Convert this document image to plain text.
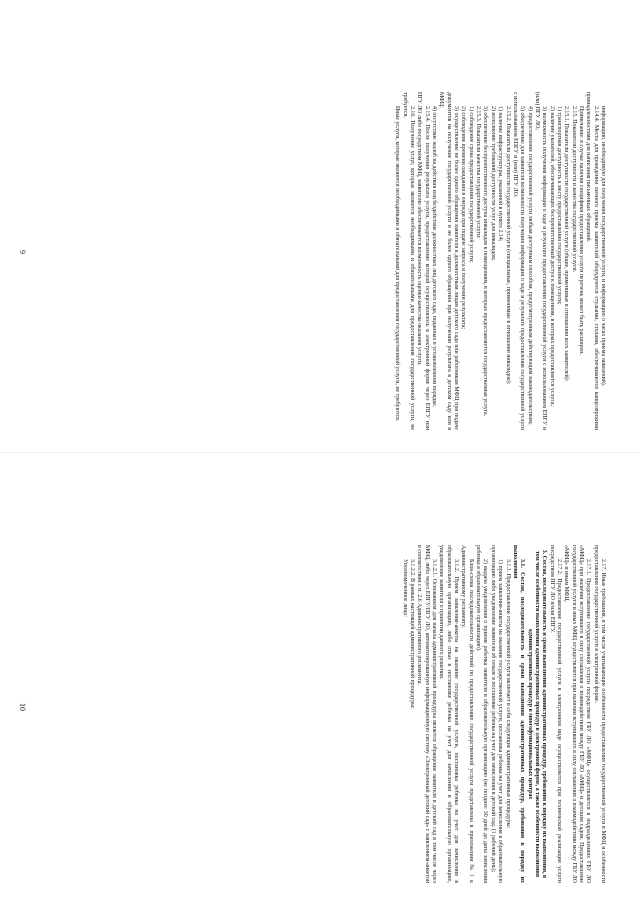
информацию, необходимую для получения государственной услуги, и информацию о часах приема заявлений).

2.14.4. Места для проведения личного приема заявителей оборудуются стульями, столами, обеспечиваются канцелярскими принадлежностями для написания письменных обращений.

Примечание: в случае наличия специфики предоставления услуги перечень может быть расширен.

2.15. Показатели доступности и качества государственной услуги.

2.15.1. Показатели доступности государственной услуги (общие, применимые в отношении всех заявителей):

1) транспортная доступность к месту предоставления государственной услуги;

2) наличие указателей, обеспечивающих беспрепятственный доступ к помещениям, в которых предоставляется услуга;

3) возможность получения информации о ходе и результате предоставления государственной услуги с использованием ЕПГУ и (или) ПГУ ЛО;

4) предоставление государственной услуги любым доступным способом, предусмотренным действующим законодательством;

5) обеспечение для заявителя возможности получения информации о ходе и результате предоставления государственной услуги с использованием ЕПГУ и (или) ПГУ ЛО.

2.15.2. Показатели доступности государственной услуги (специальные, применимые в отношении инвалидов):

1) наличие инфраструктуры, указанной в пункте 2.14;

2) исполнение требований доступности услуг для инвалидов;

3) обеспечение беспрепятственного доступа инвалидов к помещениям, в которых предоставляется государственная услуга.

2.15.3. Показатели качества государственной услуги:

1) соблюдение срока предоставления государственной услуги;

2) соблюдение времени ожидания в очереди при подаче запроса и получении результата;

3) осуществление не более одного обращения заявителя к должностным лицам детского сада или работникам МФЦ при подаче документов на получение государственной услуги и не более одного обращения при получении результата в детском саду или в МФЦ;

4) отсутствие жалоб на действия или бездействие должностных лиц детского сада, поданных в установленном порядке.

2.15.4. После получения результата услуги, предоставление которой осуществлялось в электронной форме через ЕПГУ или ПГУ ЛО либо посредством МФЦ, заявителю обеспечивается возможность оценки качества оказания услуги.

2.16. Получение услуг, которые являются необходимыми и обязательными для предоставления государственной услуги, не требуется.

Иные услуги, которые являются необходимыми и обязательными для предоставления государственной услуги, не требуются.

9

2.17. Иные требования, в том числе учитывающие особенности предоставления государственной услуги в МФЦ и особенности предоставления государственной услуги в электронной форме.

2.17.1. Предоставление государственной услуги посредством ГБУ ЛО «МФЦ» осуществляется в подразделениях ГБУ ЛО «МФЦ» при наличии вступившего в силу соглашения о взаимодействии между ГБУ ЛО «МФЦ» и детским садом. Предоставление государственной услуги в иных МФЦ осуществляется при наличии вступившего в силу соглашения о взаимодействии между ГБУ ЛО «МФЦ» и иным МФЦ.

2.17.2. Предоставление государственной услуги в электронном виде осуществляется при технической реализации услуги посредством ПГУ ЛО и/или ЕПГУ.

3. Состав, последовательность и сроки выполнения административных процедур, требования к порядку их выполнения, в том числе особенности выполнения административных процедур в электронной форме, а также особенности выполнения административных процедур в многофункциональных центрах

3.1. Состав, последовательность и сроки выполнения административных процедур, требования к порядку их выполнения

3.1.1. Предоставление государственной услуги включает в себя следующие административные процедуры:

1) прием заявления-анкеты на оказание государственной услуги, постановка ребенка на учет для зачисления в образовательную организацию либо уведомление заявителя об отказе в постановке ребенка на учет для зачисления в детский сад. (1 рабочий день);

2) выдача уведомления о приеме ребенка заявителя в образовательную организацию (не позднее 30 дней до даты зачисления ребенка в образовательную организацию).

Блок-схема последовательности действий по предоставлению государственной услуги представлена в приложении № 1 к Административному регламенту.

3.1.2. Прием заявления-анкеты на оказание государственной услуги, постановка ребенка на учет для зачисления в образовательную организацию, либо отказ в постановке ребенка на учет для зачисления в образовательную организацию, уведомление заявителя о принятии данного решения.

3.1.2.1. Основанием для начала административной процедуры является обращение заявителя в детский сад в том числе через МФЦ, либо через ЕПГУ/ПГУ ЛО, автоматизированную информационную систему «Электронный детский сад» с заявлением-анкетой в соответствии с п. 2.6 Административного регламента.

3.1.2.2. В рамках настоящей административной процедуры:

Уполномоченное лицо:

10
